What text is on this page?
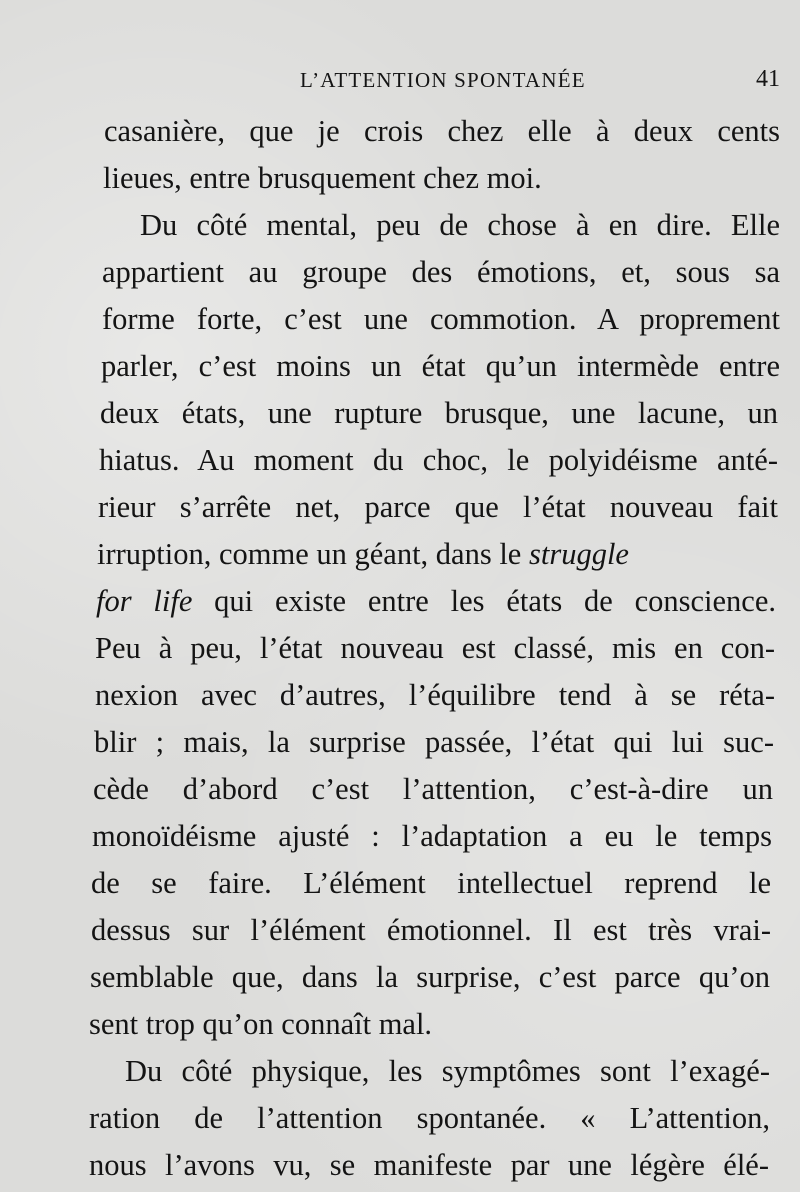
L’ATTENTION SPONTANÉE	41
casanière, que je crois chez elle à deux cents
lieues, entre brusquement chez moi.
Du côté mental, peu de chose à en dire. Elle
appartient au groupe des émotions, et, sous sa
forme forte, c’est une commotion. A proprement
parler, c’est moins un état qu’un intermède entre
deux états, une rupture brusque, une lacune, un
hiatus. Au moment du choc, le polyidéisme anté-
rieur s’arrête net, parce que l’état nouveau fait
irruption, comme un géant, dans le struggle
for life qui existe entre les états de conscience.
Peu à peu, l’état nouveau est classé, mis en con-
nexion avec d’autres, l’équilibre tend à se réta-
blir ; mais, la surprise passée, l’état qui lui suc-
cède d’abord c’est l’attention, c’est-à-dire un
monoïdéisme ajusté : l’adaptation a eu le temps
de se faire. L’élément intellectuel reprend le
dessus sur l’élément émotionnel. Il est très vrai-
semblable que, dans la surprise, c’est parce qu’on
sent trop qu’on connaît mal.
Du côté physique, les symptômes sont l’exagé-
ration de l’attention spontanée. « L’attention,
nous l’avons vu, se manifeste par une légère élé-
